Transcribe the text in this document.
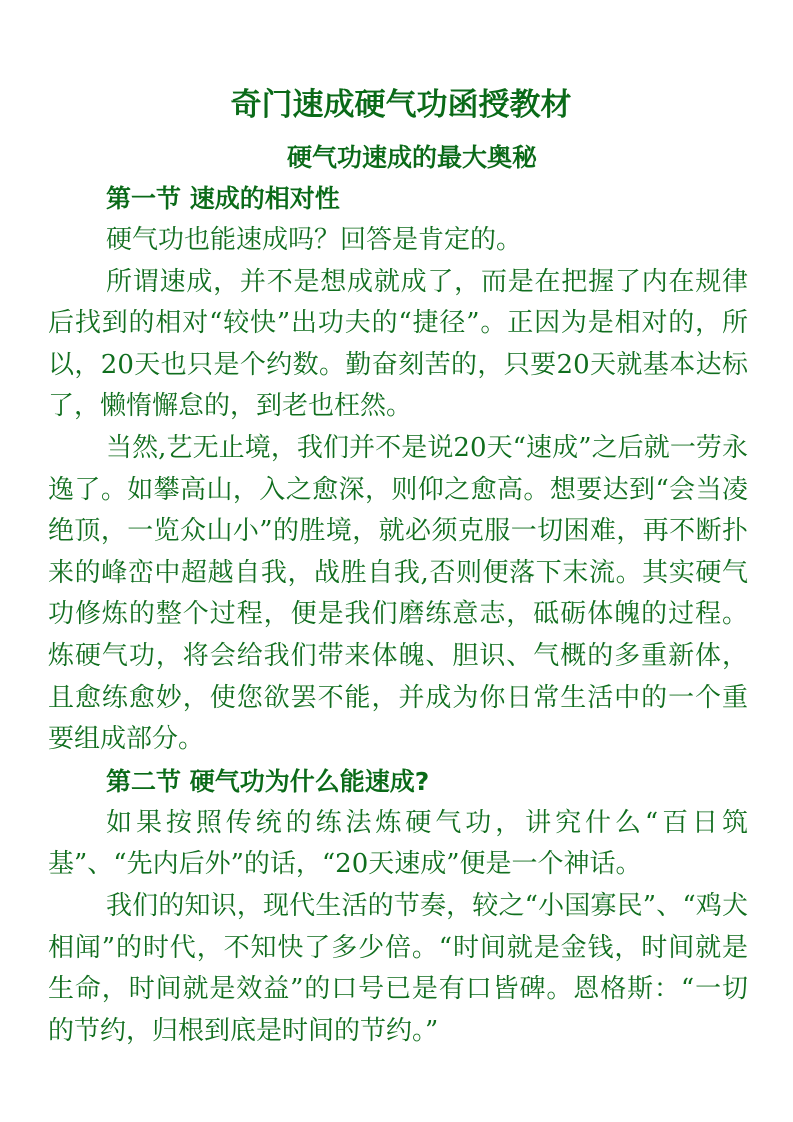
奇门速成硬气功函授教材
硬气功速成的最大奥秘
第一节 速成的相对性

硬气功也能速成吗？回答是肯定的。

所谓速成，并不是想成就成了，而是在把握了内在规律后找到的相对“较快”出功夫的“捷径”。正因为是相对的，所以，20天也只是个约数。勤奋刻苦的，只要20天就基本达标了，懒惰懈怠的，到老也枉然。

当然,艺无止境，我们并不是说20天“速成”之后就一劳永逸了。如攀高山，入之愈深，则仰之愈高。想要达到“会当凌绝顶，一览众山小”的胜境，就必须克服一切困难，再不断扑来的峰峦中超越自我，战胜自我,否则便落下末流。其实硬气功修炼的整个过程，便是我们磨练意志，砥砺体魄的过程。炼硬气功，将会给我们带来体魄、胆识、气概的多重新体，且愈练愈妙，使您欲罢不能，并成为你日常生活中的一个重要组成部分。

第二节 硬气功为什么能速成?

如果按照传统的练法炼硬气功，讲究什么“百日筑基”、“先内后外”的话，“20天速成”便是一个神话。

我们的知识，现代生活的节奏，较之“小国寡民”、“鸡犬相闻”的时代，不知快了多少倍。“时间就是金钱，时间就是生命，时间就是效益”的口号已是有口皆碑。恩格斯：“一切的节约，归根到底是时间的节约。”
